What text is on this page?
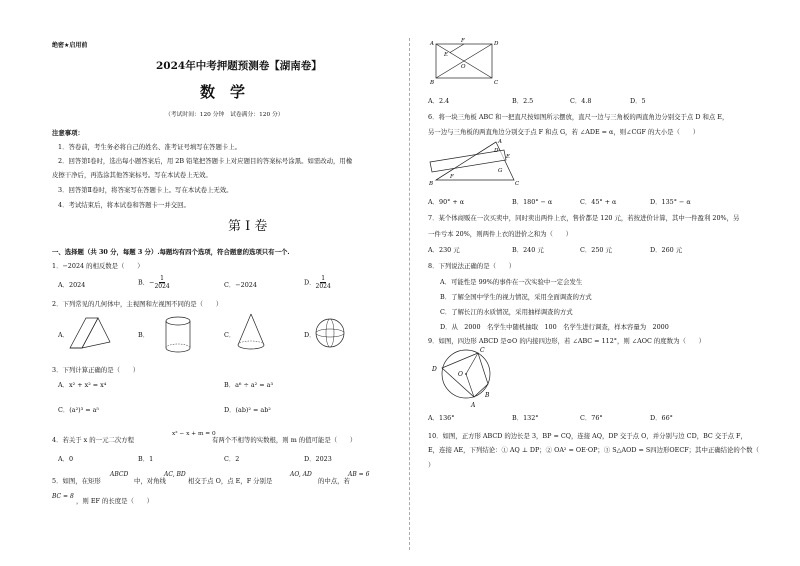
绝密★启用前
2024年中考押题预测卷【湖南卷】
数　学
（考试时间：120 分钟　试卷满分：120 分）
注意事项：
1．答卷前，考生务必将自己的姓名、准考证号填写在答题卡上。
2．回答第Ⅰ卷时，选出每小题答案后，用 2B 铅笔把答题卡上对应题目的答案标号涂黑。如需改动，用橡
皮擦干净后，再选涂其他答案标号。写在本试卷上无效。
3．回答第Ⅱ卷时，将答案写在答题卡上。写在本试卷上无效。
4．考试结束后，将本试卷和答题卡一并交回。
第 Ⅰ 卷
一、选择题（共 30 分，每题 3 分）.每题均有四个选项，符合题意的选项只有一个.
1．−2024 的相反数是（　　）
A．2024	B．− $\frac{1}{2024}$	C．−2024	D． $\frac{1}{2024}$
2．下列常见的几何体中，主视图和左视图不同的是（　　）
A．	B．	C．	D．
3．下列计算正确的是（　　）
A．x² + x² = x⁴	B．a⁶ ÷ a² = a³
C．(a²)³ = a⁵	D．(ab)² = ab²
4．若关于 x 的一元二次方程
x² − x + m = 0
有两个不相等的实数根，则 m 的值可能是（　　）
A．0	B．1	C．2	D．2023
5．如图，在矩形
ABCD
中，对角线
AC, BD
相交于点 O，点 E，F 分别是
AO, AD
的中点，若
AB = 6
BC = 8
，则 EF 的长度是（　　）
A	F	D
E
O
B	C
A．2.4	B．2.5	C．4.8	D．5
6．将一块三角板 ABC 和一把直尺按如图所示摆放，直尺一边与三角板的两直角边分别交于点 D 和点 E，
另一边与三角板的两直角边分别交于点 F 和点 G，若 ∠ADE = α，则∠CGF 的大小是（　　）
A
D
E
F
G
B	C
A．90° + α	B．180° − α	C．45° + α	D．135° − α
7．某个体商贩在一次买卖中，同时卖出两件上衣，售价都是 120 元，若按进价计算，其中一件盈利 20%，另
一件亏本 20%，则两件上衣的进价之和为（　　）
A．230 元	B．240 元	C．250 元	D．260 元
8．下列说法正确的是（　　）
A．可能性是 99%的事件在一次实验中一定会发生
B．了解全国中学生的视力情况，采用全面调查的方式
C．了解长江的水质情况，采用抽样调查的方式
D．从　2000　名学生中随机抽取　100　名学生进行调查，样本容量为　2000
9．如图，四边形 ABCD 是⊙O 的内接四边形，若 ∠ABC = 112°，则 ∠AOC 的度数为（　　）
C
D
O
B
A
A．136°	B．132°	C．76°	D．66°
10．如图，正方形 ABCD 的边长是 3，BP = CQ，连接 AQ，DP 交于点 O，并分别与边 CD，BC 交于点 F，
E，连接 AE，下列结论：① AQ ⊥ DP；② OA² = OE·OP；③ S△AOD = S四边形OECF；其中正确结论的个数（
）
